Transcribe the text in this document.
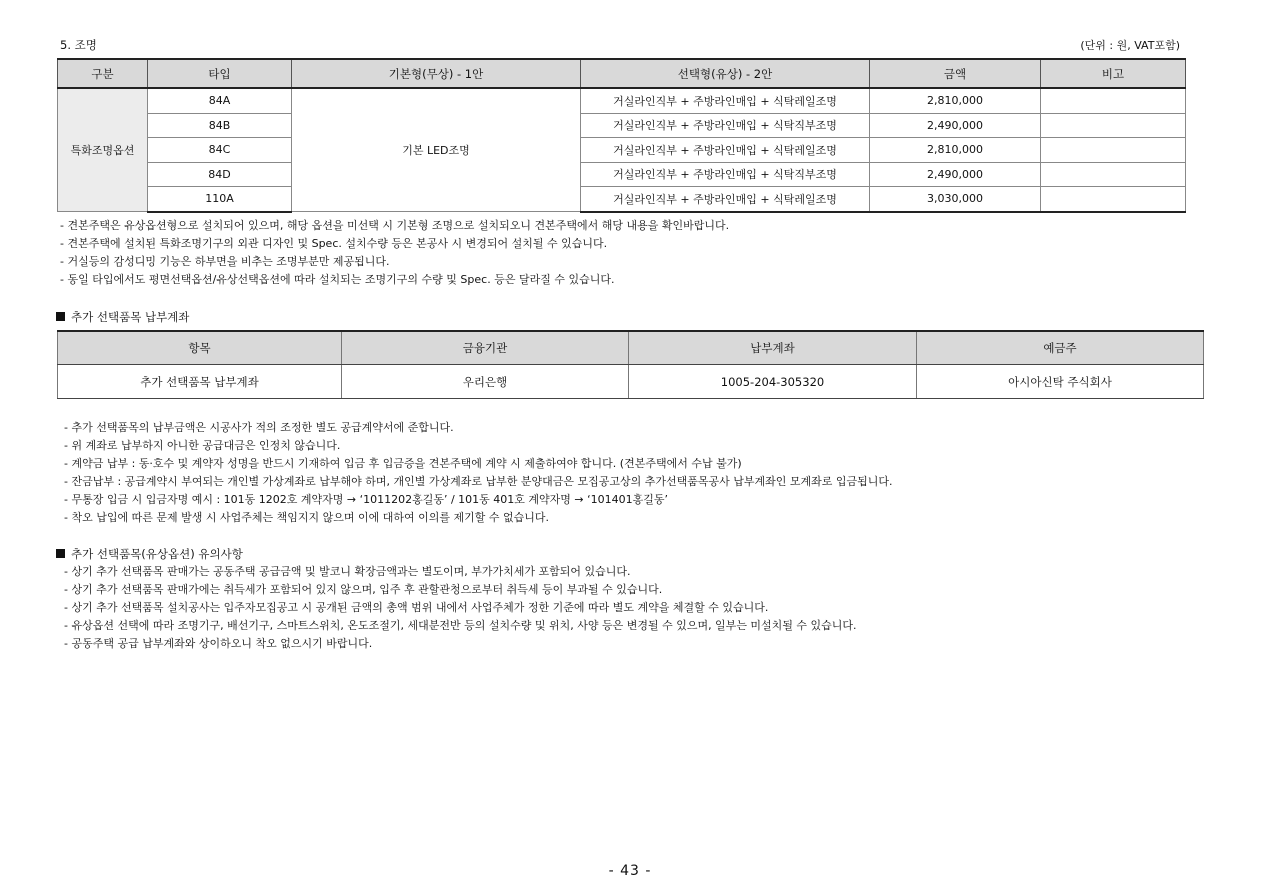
5. 조명	(단위 : 원, VAT포함)
구분	타입	기본형(무상) - 1안	선택형(유상) - 2안	금액	비고
특화조명옵션	84A	기본 LED조명	거실라인직부 + 주방라인매입 + 식탁레일조명	2,810,000	
	84B		거실라인직부 + 주방라인매입 + 식탁직부조명	2,490,000	
	84C		거실라인직부 + 주방라인매입 + 식탁레일조명	2,810,000	
	84D		거실라인직부 + 주방라인매입 + 식탁직부조명	2,490,000	
	110A		거실라인직부 + 주방라인매입 + 식탁레일조명	3,030,000	
- 견본주택은 유상옵션형으로 설치되어 있으며, 해당 옵션을 미선택 시 기본형 조명으로 설치되오니 견본주택에서 해당 내용을 확인바랍니다.
- 견본주택에 설치된 특화조명기구의 외관 디자인 및 Spec. 설치수량 등은 본공사 시 변경되어 설치될 수 있습니다.
- 거실등의 감성디밍 기능은 하부면을 비추는 조명부분만 제공됩니다.
- 동일 타입에서도 평면선택옵션/유상선택옵션에 따라 설치되는 조명기구의 수량 및 Spec. 등은 달라질 수 있습니다.
추가 선택품목 납부계좌
항목	금융기관	납부계좌	예금주
추가 선택품목 납부계좌	우리은행	1005-204-305320	아시아신탁 주식회사
- 추가 선택품목의 납부금액은 시공사가 적의 조정한 별도 공급계약서에 준합니다.
- 위 계좌로 납부하지 아니한 공급대금은 인정치 않습니다.
- 계약금 납부 : 동·호수 및 계약자 성명을 반드시 기재하여 입금 후 입금증을 견본주택에 계약 시 제출하여야 합니다. (견본주택에서 수납 불가)
- 잔금납부 : 공급계약시 부여되는 개인별 가상계좌로 납부해야 하며, 개인별 가상계좌로 납부한 분양대금은 모집공고상의 추가선택품목공사 납부계좌인 모계좌로 입금됩니다.
- 무통장 입금 시 입금자명 예시 : 101동 1202호 계약자명 → ‘1011202홍길동’ / 101동 401호 계약자명 → ‘101401홍길동’
- 착오 납입에 따른 문제 발생 시 사업주체는 책임지지 않으며 이에 대하여 이의를 제기할 수 없습니다.
추가 선택품목(유상옵션) 유의사항
- 상기 추가 선택품목 판매가는 공동주택 공급금액 및 발코니 확장금액과는 별도이며, 부가가치세가 포함되어 있습니다.
- 상기 추가 선택품목 판매가에는 취득세가 포함되어 있지 않으며, 입주 후 관할관청으로부터 취득세 등이 부과될 수 있습니다.
- 상기 추가 선택품목 설치공사는 입주자모집공고 시 공개된 금액의 총액 범위 내에서 사업주체가 정한 기준에 따라 별도 계약을 체결할 수 있습니다.
- 유상옵션 선택에 따라 조명기구, 배선기구, 스마트스위치, 온도조절기, 세대분전반 등의 설치수량 및 위치, 사양 등은 변경될 수 있으며, 일부는 미설치될 수 있습니다.
- 공동주택 공급 납부계좌와 상이하오니 착오 없으시기 바랍니다.
- 43 -
